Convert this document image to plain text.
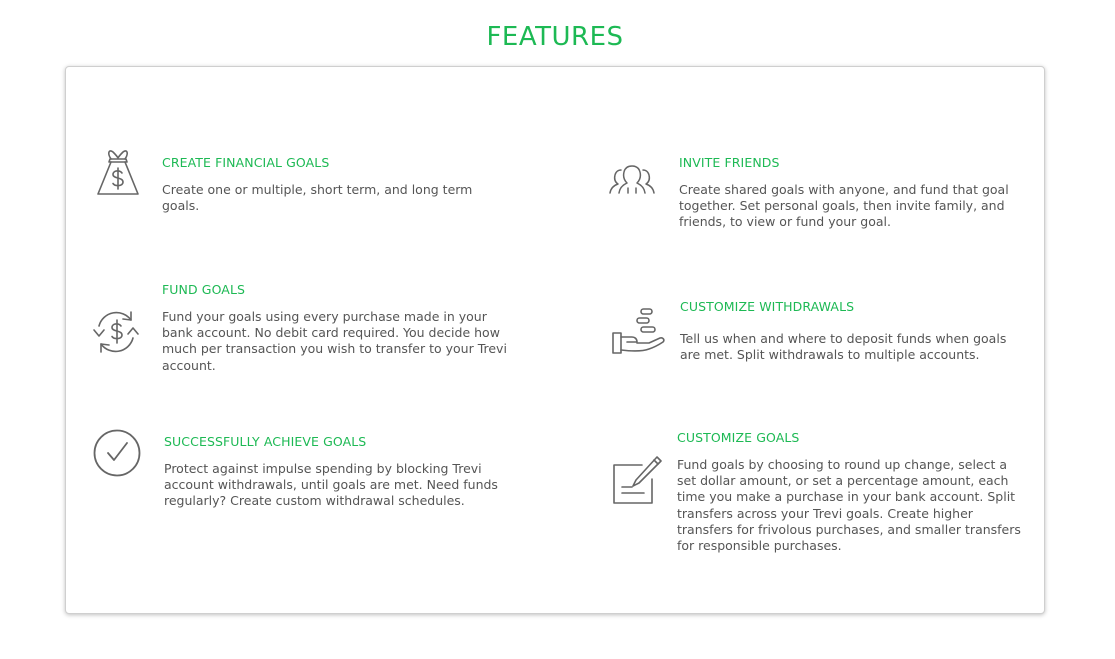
FEATURES
CREATE FINANCIAL GOALS
Create one or multiple, short term, and long term goals.
FUND GOALS
Fund your goals using every purchase made in your bank account. No debit card required. You decide how much per transaction you wish to transfer to your Trevi account.
SUCCESSFULLY ACHIEVE GOALS
Protect against impulse spending by blocking Trevi account withdrawals, until goals are met. Need funds regularly? Create custom withdrawal schedules.
INVITE FRIENDS
Create shared goals with anyone, and fund that goal together. Set personal goals, then invite family, and friends, to view or fund your goal.
CUSTOMIZE WITHDRAWALS
Tell us when and where to deposit funds when goals are met. Split withdrawals to multiple accounts.
CUSTOMIZE GOALS
Fund goals by choosing to round up change, select a set dollar amount, or set a percentage amount, each time you make a purchase in your bank account. Split transfers across your Trevi goals. Create higher transfers for frivolous purchases, and smaller transfers for responsible purchases.
